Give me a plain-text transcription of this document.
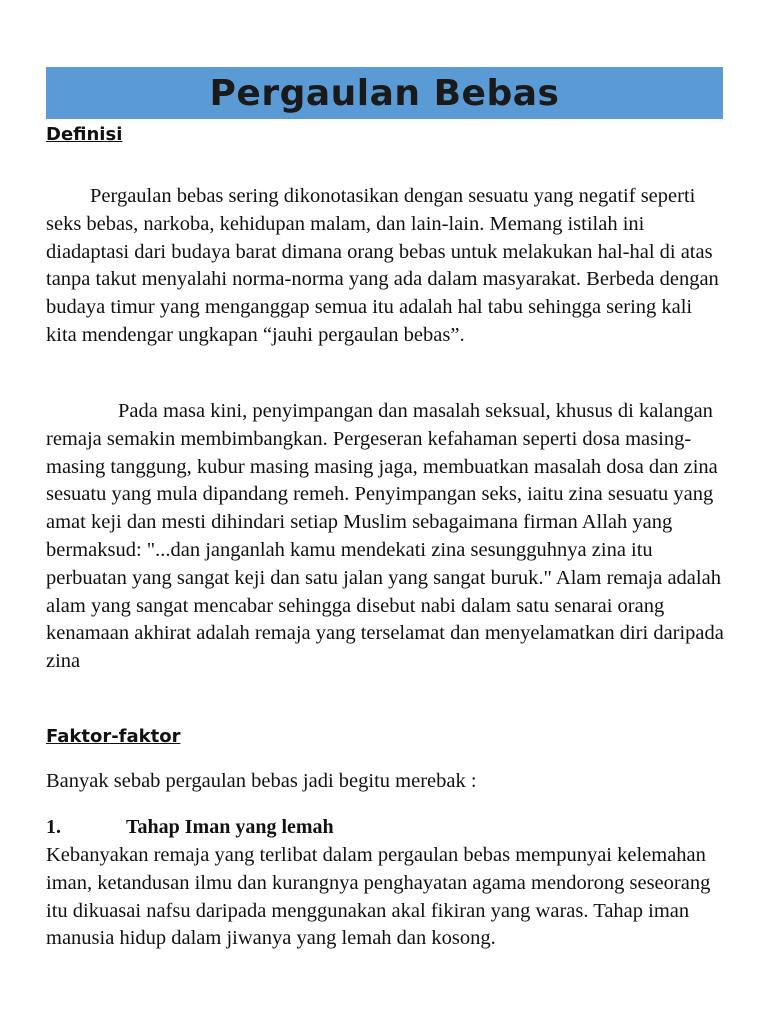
Pergaulan Bebas
Definisi

Pergaulan bebas sering dikonotasikan dengan sesuatu yang negatif seperti seks bebas, narkoba, kehidupan malam, dan lain-lain. Memang istilah ini diadaptasi dari budaya barat dimana orang bebas untuk melakukan hal-hal di atas tanpa takut menyalahi norma-norma yang ada dalam masyarakat. Berbeda dengan budaya timur yang menganggap semua itu adalah hal tabu sehingga sering kali kita mendengar ungkapan “jauhi pergaulan bebas”.

Pada masa kini, penyimpangan dan masalah seksual, khusus di kalangan remaja semakin membimbangkan. Pergeseran kefahaman seperti dosa masing-masing tanggung, kubur masing masing jaga, membuatkan masalah dosa dan zina sesuatu yang mula dipandang remeh. Penyimpangan seks, iaitu zina sesuatu yang amat keji dan mesti dihindari setiap Muslim sebagaimana firman Allah yang bermaksud: "...dan janganlah kamu mendekati zina sesungguhnya zina itu perbuatan yang sangat keji dan satu jalan yang sangat buruk." Alam remaja adalah alam yang sangat mencabar sehingga disebut nabi dalam satu senarai orang kenamaan akhirat adalah remaja yang terselamat dan menyelamatkan diri daripada zina

Faktor-faktor

Banyak sebab pergaulan bebas jadi begitu merebak :

1.	Tahap Iman yang lemah

Kebanyakan remaja yang terlibat dalam pergaulan bebas mempunyai kelemahan iman, ketandusan ilmu dan kurangnya penghayatan agama mendorong seseorang itu dikuasai nafsu daripada menggunakan akal fikiran yang waras. Tahap iman manusia hidup dalam jiwanya yang lemah dan kosong.
